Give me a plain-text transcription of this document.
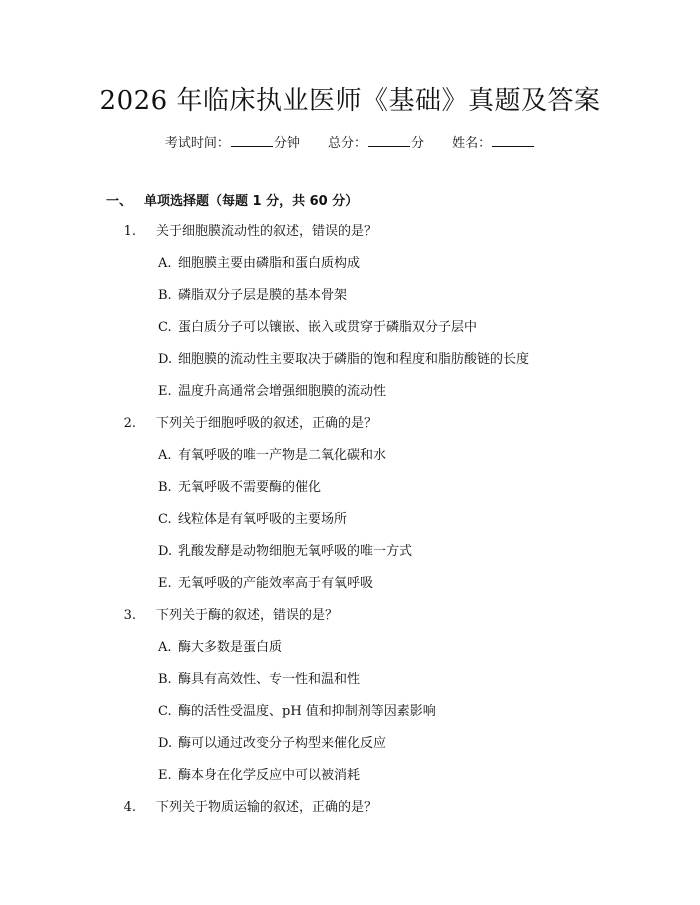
2026 年临床执业医师《基础》真题及答案
考试时间：	分钟 总分：	分 姓名：
一、 单项选择题（每题 1 分，共 60 分）
1.	关于细胞膜流动性的叙述，错误的是？
A. 细胞膜主要由磷脂和蛋白质构成
B. 磷脂双分子层是膜的基本骨架
C. 蛋白质分子可以镶嵌、嵌入或贯穿于磷脂双分子层中
D. 细胞膜的流动性主要取决于磷脂的饱和程度和脂肪酸链的长度
E. 温度升高通常会增强细胞膜的流动性
2.	下列关于细胞呼吸的叙述，正确的是？
A. 有氧呼吸的唯一产物是二氧化碳和水
B. 无氧呼吸不需要酶的催化
C. 线粒体是有氧呼吸的主要场所
D. 乳酸发酵是动物细胞无氧呼吸的唯一方式
E. 无氧呼吸的产能效率高于有氧呼吸
3.	下列关于酶的叙述，错误的是？
A. 酶大多数是蛋白质
B. 酶具有高效性、专一性和温和性
C. 酶的活性受温度、pH 值和抑制剂等因素影响
D. 酶可以通过改变分子构型来催化反应
E. 酶本身在化学反应中可以被消耗
4.	下列关于物质运输的叙述，正确的是？
